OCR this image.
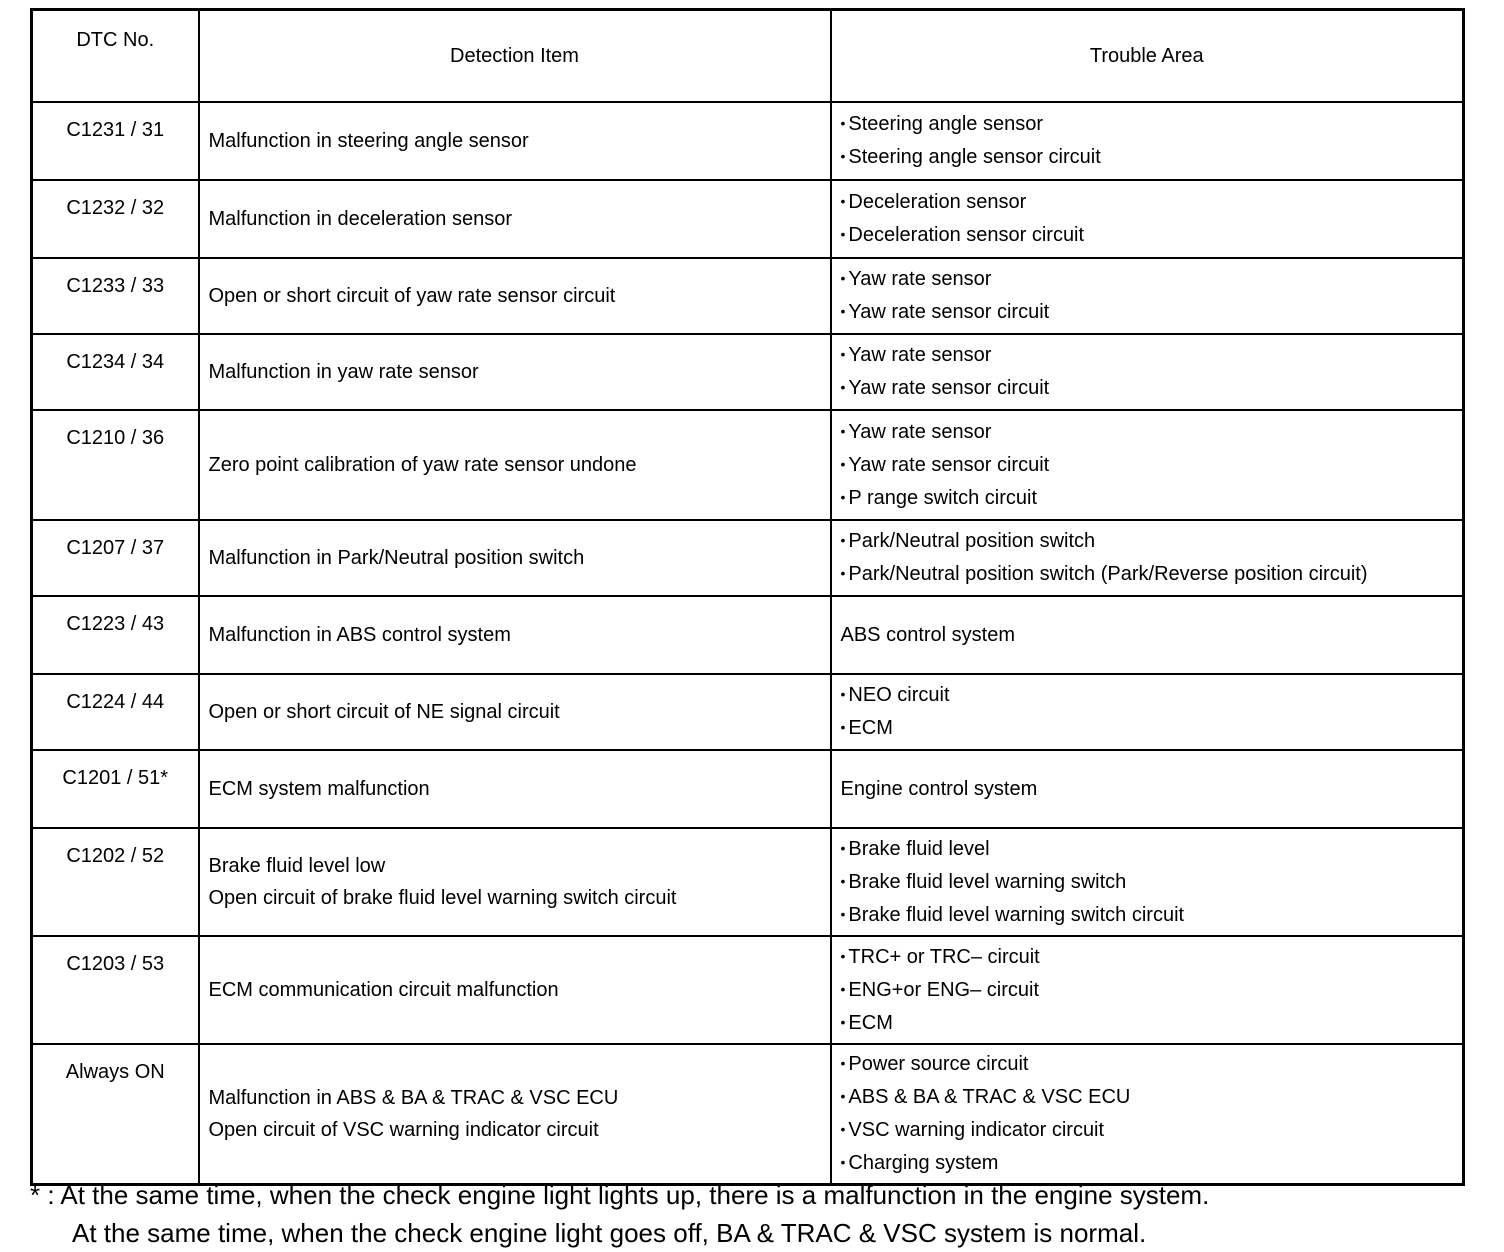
DTC No.	Detection Item	Trouble Area
C1231 / 31	Malfunction in steering angle sensor	• Steering angle sensor
• Steering angle sensor circuit

C1232 / 32	Malfunction in deceleration sensor	• Deceleration sensor
• Deceleration sensor circuit

C1233 / 33	Open or short circuit of yaw rate sensor circuit	• Yaw rate sensor
• Yaw rate sensor circuit

C1234 / 34	Malfunction in yaw rate sensor	• Yaw rate sensor
• Yaw rate sensor circuit

C1210 / 36	Zero point calibration of yaw rate sensor undone	• Yaw rate sensor
• Yaw rate sensor circuit
• P range switch circuit

C1207 / 37	Malfunction in Park/Neutral position switch	• Park/Neutral position switch
• Park/Neutral position switch (Park/Reverse position circuit)

C1223 / 43	Malfunction in ABS control system	ABS control system

C1224 / 44	Open or short circuit of NE signal circuit	• NEO circuit
• ECM

C1201 / 51*	ECM system malfunction	Engine control system

C1202 / 52	Brake fluid level low
Open circuit of brake fluid level warning switch circuit	• Brake fluid level
• Brake fluid level warning switch
• Brake fluid level warning switch circuit

C1203 / 53	ECM communication circuit malfunction	• TRC+ or TRC– circuit
• ENG+or ENG– circuit
• ECM

Always ON	Malfunction in ABS & BA & TRAC & VSC ECU
Open circuit of VSC warning indicator circuit	• Power source circuit
• ABS & BA & TRAC & VSC ECU
• VSC warning indicator circuit
• Charging system
* : At the same time, when the check engine light lights up, there is a malfunction in the engine system.
At the same time, when the check engine light goes off, BA & TRAC & VSC system is normal.
